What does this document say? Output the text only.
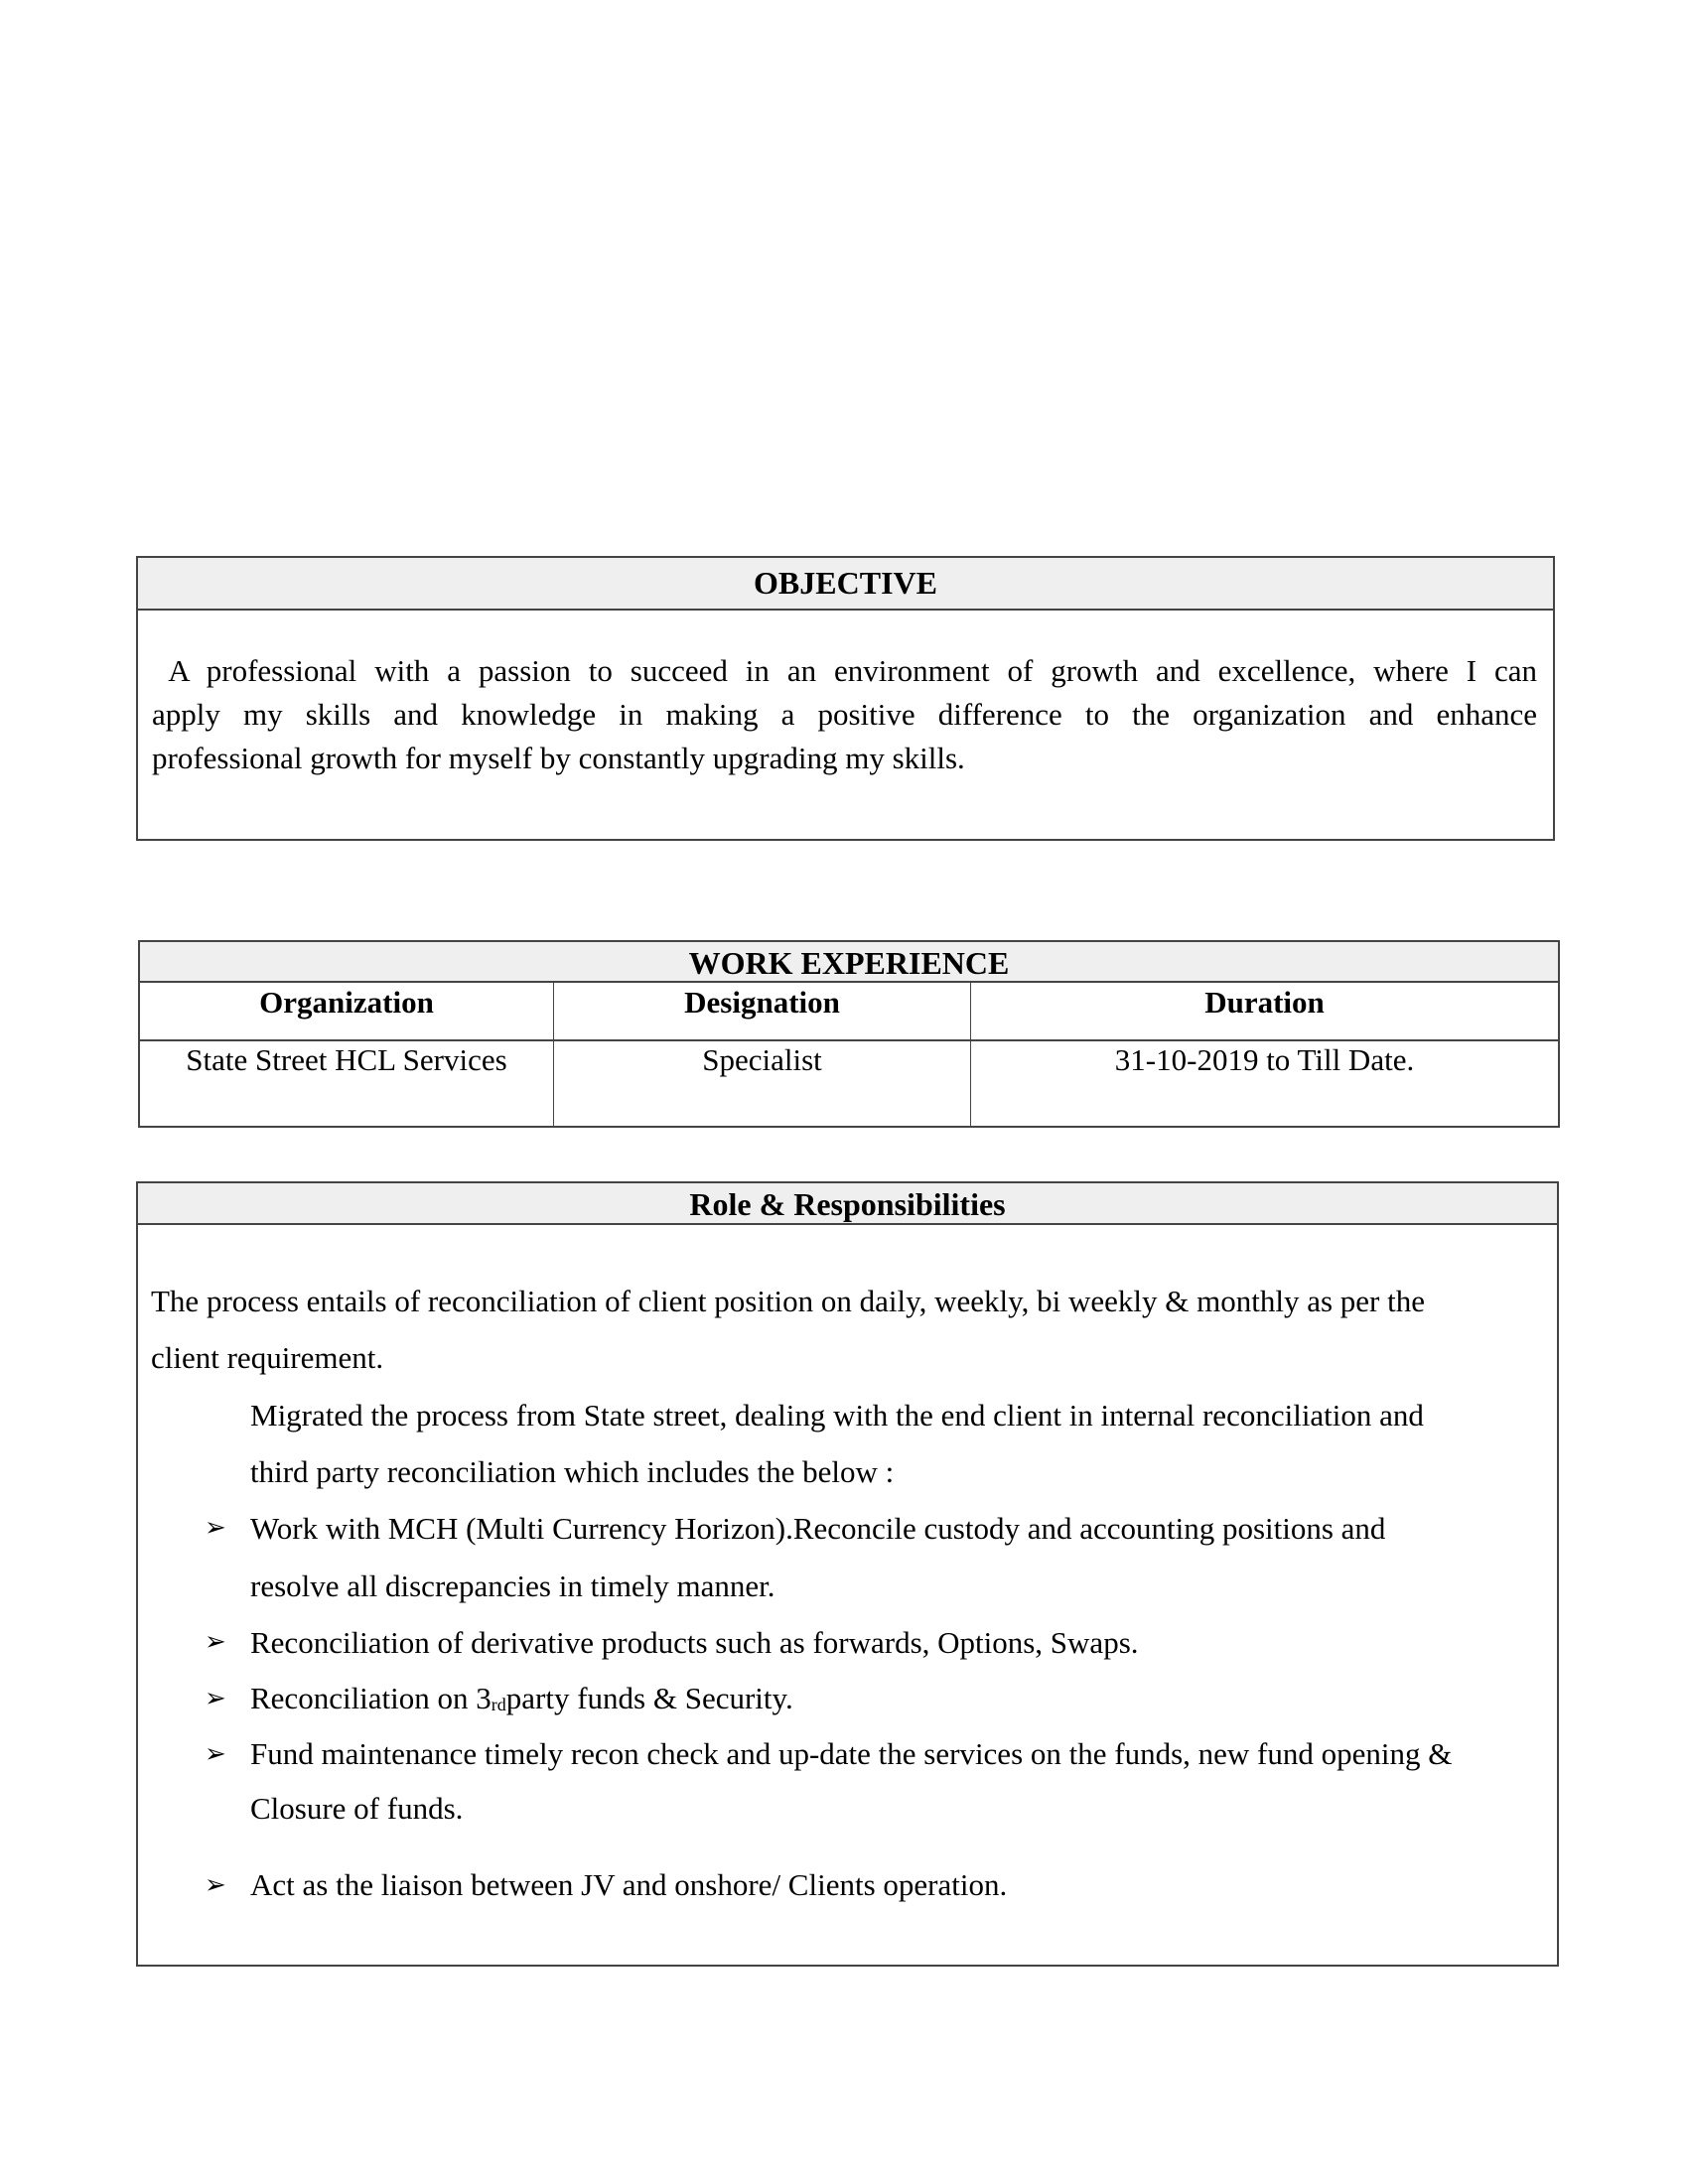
OBJECTIVE
A professional with a passion to succeed in an environment of growth and excellence, where I can
apply my skills and knowledge in making a positive difference to the organization and enhance
professional growth for myself by constantly upgrading my skills.
WORK EXPERIENCE
Organization	Designation	Duration
State Street HCL Services	Specialist	31-10-2019 to Till Date.
Role & Responsibilities
The process entails of reconciliation of client position on daily, weekly, bi weekly & monthly as per the
client requirement.
Migrated the process from State street, dealing with the end client in internal reconciliation and
third party reconciliation which includes the below :
➢ Work with MCH (Multi Currency Horizon).Reconcile custody and accounting positions and
resolve all discrepancies in timely manner.
➢ Reconciliation of derivative products such as forwards, Options, Swaps.
➢ Reconciliation on $3_{rd}party$ funds & Security.
➢ Fund maintenance timely recon check and up-date the services on the funds, new fund opening &
Closure of funds.
➢ Act as the liaison between JV and onshore/ Clients operation.
